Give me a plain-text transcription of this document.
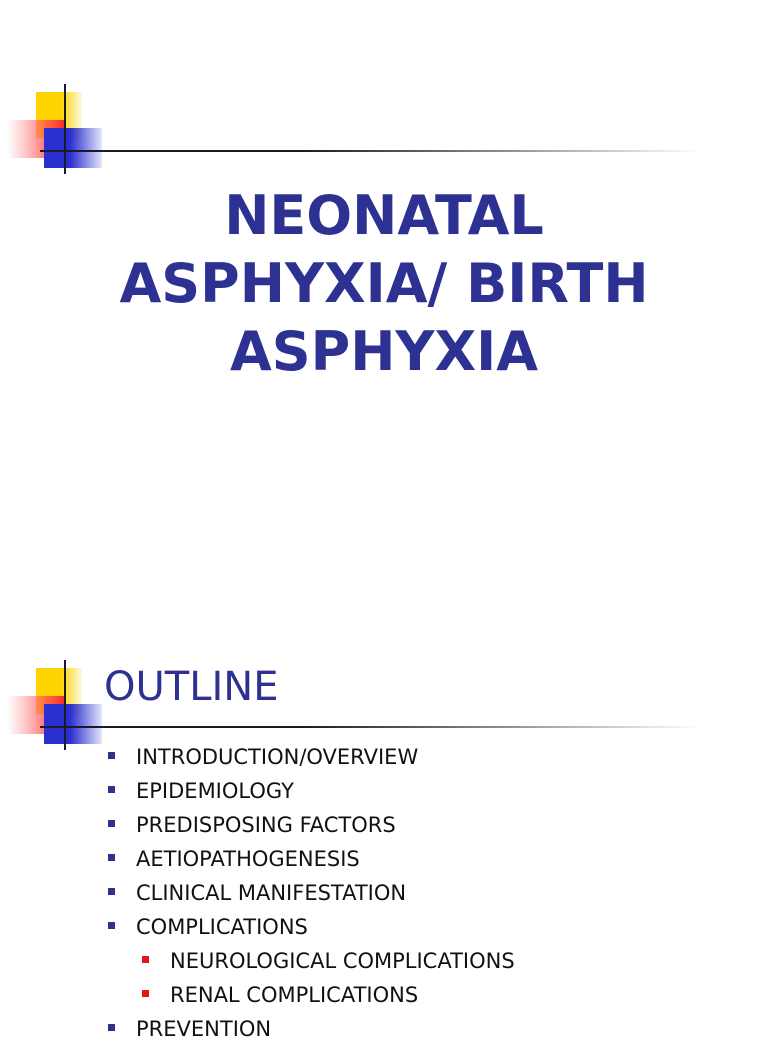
NEONATAL
ASPHYXIA/ BIRTH
ASPHYXIA
OUTLINE
INTRODUCTION/OVERVIEW
EPIDEMIOLOGY
PREDISPOSING FACTORS
AETIOPATHOGENESIS
CLINICAL MANIFESTATION
COMPLICATIONS
NEUROLOGICAL COMPLICATIONS
RENAL COMPLICATIONS
PREVENTION
